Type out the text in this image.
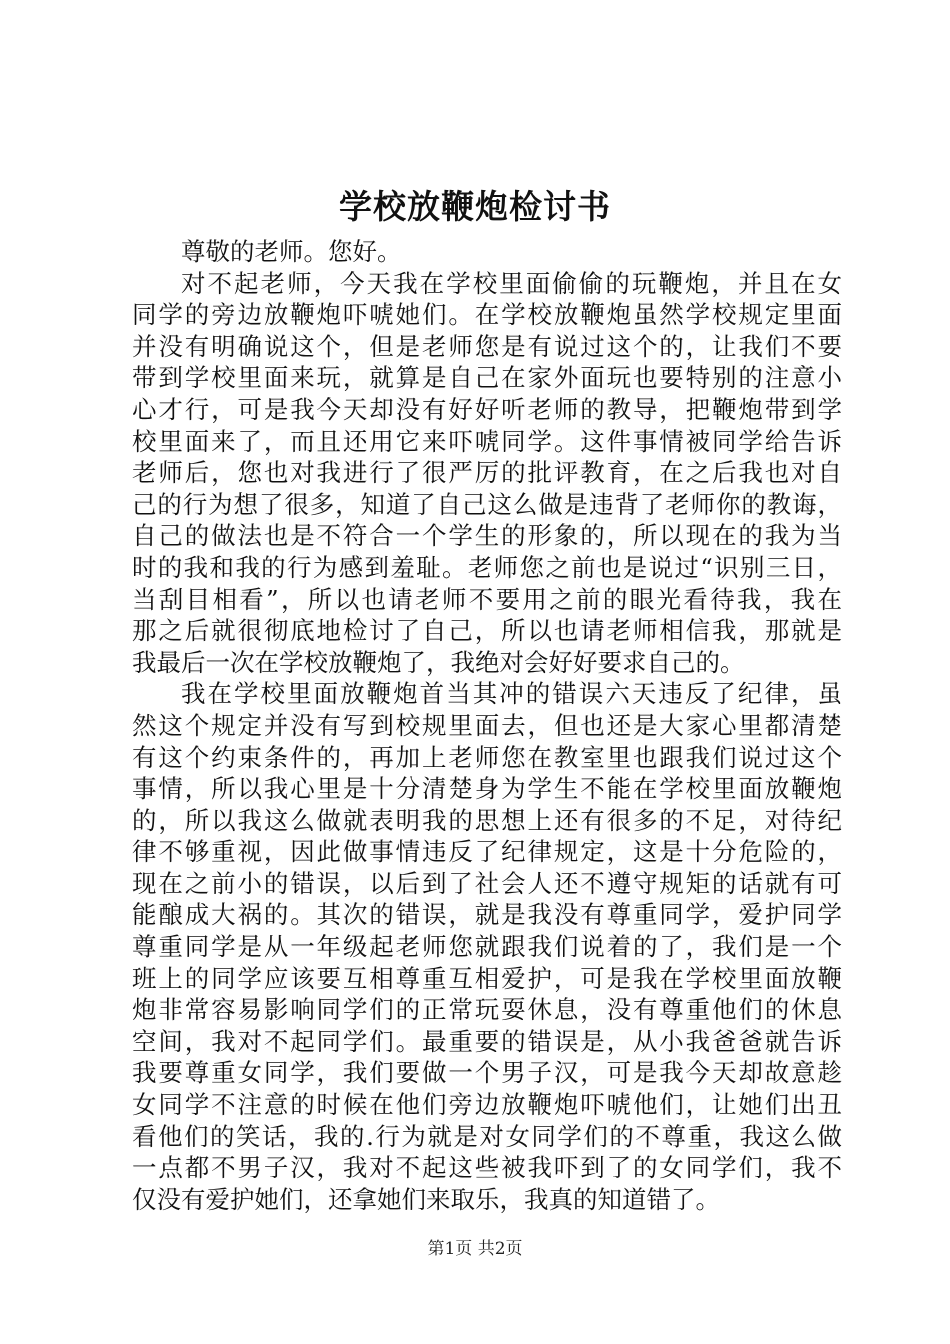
学校放鞭炮检讨书
尊敬的老师。您好。
对不起老师，今天我在学校里面偷偷的玩鞭炮，并且在女
同学的旁边放鞭炮吓唬她们。在学校放鞭炮虽然学校规定里面
并没有明确说这个，但是老师您是有说过这个的，让我们不要
带到学校里面来玩，就算是自己在家外面玩也要特别的注意小
心才行，可是我今天却没有好好听老师的教导，把鞭炮带到学
校里面来了，而且还用它来吓唬同学。这件事情被同学给告诉
老师后，您也对我进行了很严厉的批评教育，在之后我也对自
己的行为想了很多，知道了自己这么做是违背了老师你的教诲，
自己的做法也是不符合一个学生的形象的，所以现在的我为当
时的我和我的行为感到羞耻。老师您之前也是说过“识别三日，
当刮目相看”，所以也请老师不要用之前的眼光看待我，我在
那之后就很彻底地检讨了自己，所以也请老师相信我，那就是
我最后一次在学校放鞭炮了，我绝对会好好要求自己的。
我在学校里面放鞭炮首当其冲的错误六天违反了纪律，虽
然这个规定并没有写到校规里面去，但也还是大家心里都清楚
有这个约束条件的，再加上老师您在教室里也跟我们说过这个
事情，所以我心里是十分清楚身为学生不能在学校里面放鞭炮
的，所以我这么做就表明我的思想上还有很多的不足，对待纪
律不够重视，因此做事情违反了纪律规定，这是十分危险的，
现在之前小的错误，以后到了社会人还不遵守规矩的话就有可
能酿成大祸的。其次的错误，就是我没有尊重同学，爱护同学
尊重同学是从一年级起老师您就跟我们说着的了，我们是一个
班上的同学应该要互相尊重互相爱护，可是我在学校里面放鞭
炮非常容易影响同学们的正常玩耍休息，没有尊重他们的休息
空间，我对不起同学们。最重要的错误是，从小我爸爸就告诉
我要尊重女同学，我们要做一个男子汉，可是我今天却故意趁
女同学不注意的时候在他们旁边放鞭炮吓唬他们，让她们出丑
看他们的笑话，我的.行为就是对女同学们的不尊重，我这么做
一点都不男子汉，我对不起这些被我吓到了的女同学们，我不
仅没有爱护她们，还拿她们来取乐，我真的知道错了。
第1页 共2页
